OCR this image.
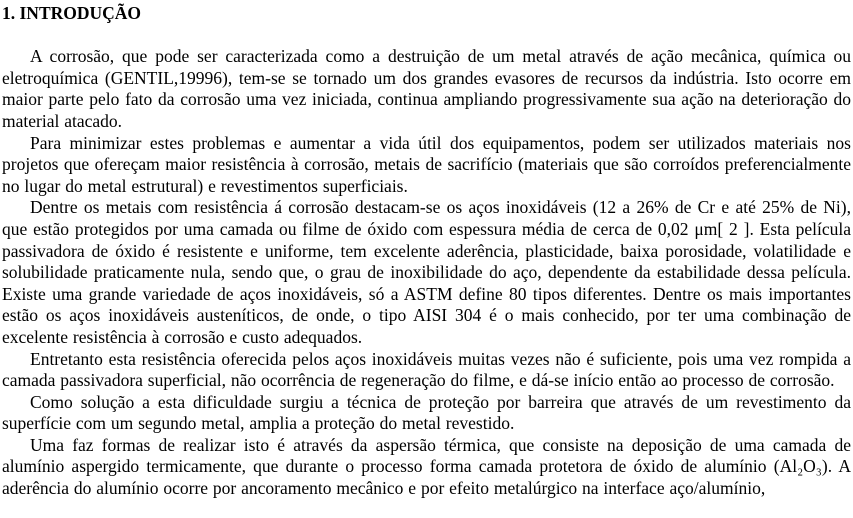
1. INTRODUÇÃO

A corrosão, que pode ser caracterizada como a destruição de um metal através de ação mecânica, química ou eletroquímica (GENTIL,19996), tem-se se tornado um dos grandes evasores de recursos da indústria. Isto ocorre em maior parte pelo fato da corrosão uma vez iniciada, continua ampliando progressivamente sua ação na deterioração do material atacado.

Para minimizar estes problemas e aumentar a vida útil dos equipamentos, podem ser utilizados materiais nos projetos que ofereçam maior resistência à corrosão, metais de sacrifício (materiais que são corroídos preferencialmente no lugar do metal estrutural) e revestimentos superficiais.

Dentre os metais com resistência á corrosão destacam-se os aços inoxidáveis (12 a 26% de Cr e até 25% de Ni), que estão protegidos por uma camada ou filme de óxido com espessura média de cerca de 0,02 μm[ 2 ]. Esta película passivadora de óxido é resistente e uniforme, tem excelente aderência, plasticidade, baixa porosidade, volatilidade e solubilidade praticamente nula, sendo que, o grau de inoxibilidade do aço, dependente da estabilidade dessa película. Existe uma grande variedade de aços inoxidáveis, só a ASTM define 80 tipos diferentes. Dentre os mais importantes estão os aços inoxidáveis austeníticos, de onde, o tipo AISI 304 é o mais conhecido, por ter uma combinação de excelente resistência à corrosão e custo adequados.

Entretanto esta resistência oferecida pelos aços inoxidáveis muitas vezes não é suficiente, pois uma vez rompida a camada passivadora superficial, não ocorrência de regeneração do filme, e dá-se início então ao processo de corrosão.

Como solução a esta dificuldade surgiu a técnica de proteção por barreira que através de um revestimento da superfície com um segundo metal, amplia a proteção do metal revestido.

Uma faz formas de realizar isto é através da aspersão térmica, que consiste na deposição de uma camada de alumínio aspergido termicamente, que durante o processo forma camada protetora de óxido de alumínio (Al₂O₃). A aderência do alumínio ocorre por ancoramento mecânico e por efeito metalúrgico na interface aço/alumínio,
